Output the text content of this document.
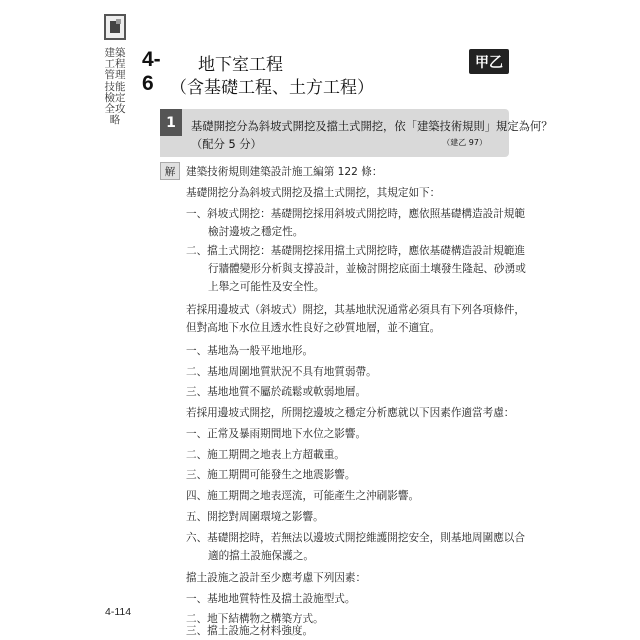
建築工程管理技能檢定全攻略
4-6
地下室工程
（含基礎工程、土方工程）
甲乙
1	基礎開挖分為斜坡式開挖及擋土式開挖，依「建築技術規則」規定為何？
（配分 5 分）	（建乙 97）
解	建築技術規則建築設計施工編第 122 條：
基礎開挖分為斜坡式開挖及擋土式開挖，其規定如下：
一、斜坡式開挖：基礎開挖採用斜坡式開挖時，應依照基礎構造設計規範
檢討邊坡之穩定性。
二、擋土式開挖：基礎開挖採用擋土式開挖時，應依基礎構造設計規範進
行牆體變形分析與支撐設計，並檢討開挖底面土壤發生隆起、砂湧或
上舉之可能性及安全性。
若採用邊坡式（斜坡式）開挖，其基地狀況通常必須具有下列各項條件，
但對高地下水位且透水性良好之砂質地層，並不適宜。
一、基地為一般平地地形。
二、基地周圍地質狀況不具有地質弱帶。
三、基地地質不屬於疏鬆或軟弱地層。
若採用邊坡式開挖，所開挖邊坡之穩定分析應就以下因素作適當考慮：
一、正常及暴雨期間地下水位之影響。
二、施工期間之地表上方超載重。
三、施工期間可能發生之地震影響。
四、施工期間之地表逕流，可能產生之沖刷影響。
五、開挖對周圍環境之影響。
六、基礎開挖時，若無法以邊坡式開挖維護開挖安全，則基地周圍應以合
適的擋土設施保護之。
擋土設施之設計至少應考慮下列因素：
一、基地地質特性及擋土設施型式。
二、地下結構物之構築方式。
三、擋土設施之材料強度。
4-114
